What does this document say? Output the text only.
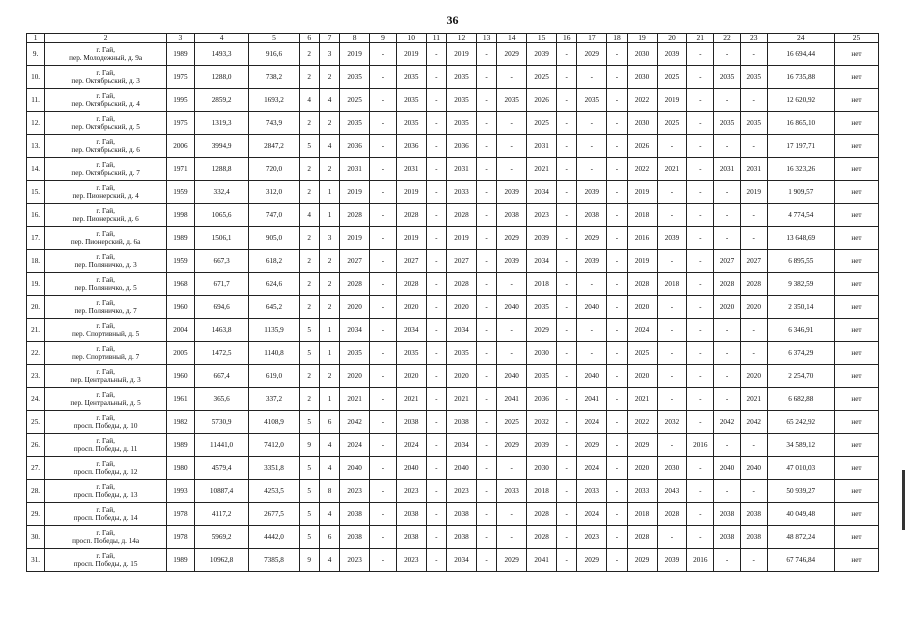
36
1	2	3	4	5	6	7	8	9	10	11	12	13	14	15	16	17	18	19	20	21	22	23	24	25
9.	г. Гай,
пер. Молодежный, д. 9а	1989	1493,3	916,6	2	3	2019	-	2019	-	2019	-	2029	2039	-	2029	-	2030	2039	-	-	-	16 694,44	нет
10.	г. Гай,
пер. Октябрьский, д. 3	1975	1288,0	738,2	2	2	2035	-	2035	-	2035	-	-	2025	-	-	-	2030	2025	-	2035	2035	16 735,88	нет
11.	г. Гай,
пер. Октябрьский, д. 4	1995	2859,2	1693,2	4	4	2025	-	2035	-	2035	-	2035	2026	-	2035	-	2022	2019	-	-	-	12 620,92	нет
12.	г. Гай,
пер. Октябрьский, д. 5	1975	1319,3	743,9	2	2	2035	-	2035	-	2035	-	-	2025	-	-	-	2030	2025	-	2035	2035	16 865,10	нет
13.	г. Гай,
пер. Октябрьский, д. 6	2006	3994,9	2847,2	5	4	2036	-	2036	-	2036	-	-	2031	-	-	-	2026	-	-	-	-	17 197,71	нет
14.	г. Гай,
пер. Октябрьский, д. 7	1971	1288,8	720,0	2	2	2031	-	2031	-	2031	-	-	2021	-	-	-	2022	2021	-	2031	2031	16 323,26	нет
15.	г. Гай,
пер. Пионерский, д. 4	1959	332,4	312,0	2	1	2019	-	2019	-	2033	-	2039	2034	-	2039	-	2019	-	-	-	2019	1 909,57	нет
16.	г. Гай,
пер. Пионерский, д. 6	1998	1065,6	747,0	4	1	2028	-	2028	-	2028	-	2038	2023	-	2038	-	2018	-	-	-	-	4 774,54	нет
17.	г. Гай,
пер. Пионерский, д. 6а	1989	1506,1	905,0	2	3	2019	-	2019	-	2019	-	2029	2039	-	2029	-	2016	2039	-	-	-	13 648,69	нет
18.	г. Гай,
пер. Поляничко, д. 3	1959	667,3	618,2	2	2	2027	-	2027	-	2027	-	2039	2034	-	2039	-	2019	-	-	2027	2027	6 895,55	нет
19.	г. Гай,
пер. Поляничко, д. 5	1968	671,7	624,6	2	2	2028	-	2028	-	2028	-	-	2018	-	-	-	2028	2018	-	2028	2028	9 382,59	нет
20.	г. Гай,
пер. Поляничко, д. 7	1960	694,6	645,2	2	2	2020	-	2020	-	2020	-	2040	2035	-	2040	-	2020	-	-	2020	2020	2 350,14	нет
21.	г. Гай,
пер. Спортивный, д. 5	2004	1463,8	1135,9	5	1	2034	-	2034	-	2034	-	-	2029	-	-	-	2024	-	-	-	-	6 346,91	нет
22.	г. Гай,
пер. Спортивный, д. 7	2005	1472,5	1140,8	5	1	2035	-	2035	-	2035	-	-	2030	-	-	-	2025	-	-	-	-	6 374,29	нет
23.	г. Гай,
пер. Центральный, д. 3	1960	667,4	619,0	2	2	2020	-	2020	-	2020	-	2040	2035	-	2040	-	2020	-	-	-	2020	2 254,70	нет
24.	г. Гай,
пер. Центральный, д. 5	1961	365,6	337,2	2	1	2021	-	2021	-	2021	-	2041	2036	-	2041	-	2021	-	-	-	2021	6 682,88	нет
25.	г. Гай,
просп. Победы, д. 10	1982	5730,9	4108,9	5	6	2042	-	2038	-	2038	-	2025	2032	-	2024	-	2022	2032	-	2042	2042	65 242,92	нет
26.	г. Гай,
просп. Победы, д. 11	1989	11441,0	7412,0	9	4	2024	-	2024	-	2034	-	2029	2039	-	2029	-	2029	-	2016	-	-	34 589,12	нет
27.	г. Гай,
просп. Победы, д. 12	1980	4579,4	3351,8	5	4	2040	-	2040	-	2040	-	-	2030	-	2024	-	2020	2030	-	2040	2040	47 010,03	нет
28.	г. Гай,
просп. Победы, д. 13	1993	10887,4	4253,5	5	8	2023	-	2023	-	2023	-	2033	2018	-	2033	-	2033	2043	-	-	-	50 939,27	нет
29.	г. Гай,
просп. Победы, д. 14	1978	4117,2	2677,5	5	4	2038	-	2038	-	2038	-	-	2028	-	2024	-	2018	2028	-	2038	2038	40 049,48	нет
30.	г. Гай,
просп. Победы, д. 14а	1978	5969,2	4442,0	5	6	2038	-	2038	-	2038	-	-	2028	-	2023	-	2028	-	-	2038	2038	48 872,24	нет
31.	г. Гай,
просп. Победы, д. 15	1989	10962,8	7385,8	9	4	2023	-	2023	-	2034	-	2029	2041	-	2029	-	2029	2039	2016	-	-	67 746,84	нет
